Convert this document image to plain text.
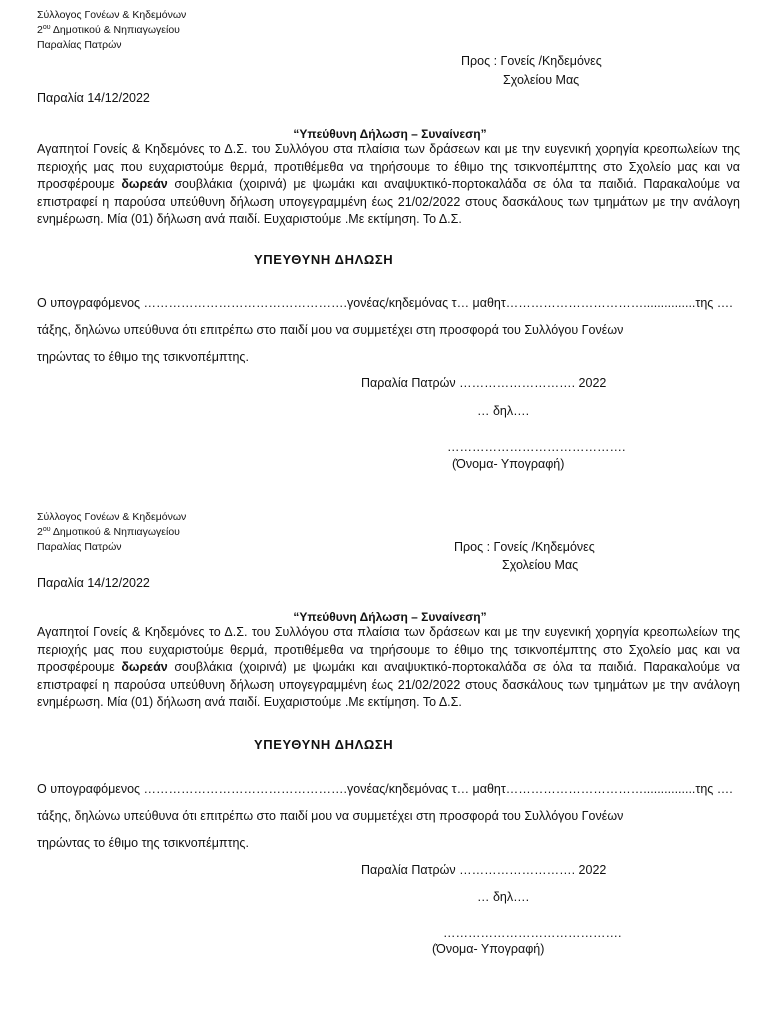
Σύλλογος Γονέων & Κηδεμόνων
$2^{o\upsilon}$ Δημοτικού & Νηπιαγωγείου
Παραλίας Πατρών
Προς : Γονείς /Κηδεμόνες
Σχολείου Μας
Παραλία 14/12/2022
“Υπεύθυνη Δήλωση – Συναίνεση”
Αγαπητοί Γονείς & Κηδεμόνες το Δ.Σ. του Συλλόγου στα πλαίσια των δράσεων και με την ευγενική χορηγία κρεοπωλείων της περιοχής μας που ευχαριστούμε θερμά, προτιθέμεθα να τηρήσουμε το έθιμο της τσικνοπέμπτης στο Σχολείο μας και να προσφέρουμε δωρεάν σουβλάκια (χοιρινά) με ψωμάκι και αναψυκτικό-πορτοκαλάδα σε όλα τα παιδιά. Παρακαλούμε να επιστραφεί η παρούσα υπεύθυνη δήλωση υπογεγραμμένη έως 21/02/2022 στους δασκάλους των τμημάτων με την ανάλογη ενημέρωση. Μία (01) δήλωση ανά παιδί. Ευχαριστούμε .Με εκτίμηση. Το Δ.Σ.
ΥΠΕΥΘΥΝΗ ΔΗΛΩΣΗ
Ο υπογραφόμενος ………………………………………….γονέας/κηδεμόνας τ… μαθητ……………………………...............της ….
τάξης, δηλώνω υπεύθυνα ότι επιτρέπω στο παιδί μου να συμμετέχει στη προσφορά του Συλλόγου Γονέων
τηρώντας το έθιμο της τσικνοπέμπτης.
Παραλία Πατρών ………………………. 2022
… δηλ….
…………………………………….
(Όνομα- Υπογραφή)
Σύλλογος Γονέων & Κηδεμόνων
$2^{o\upsilon}$ Δημοτικού & Νηπιαγωγείου
Παραλίας Πατρών	Προς : Γονείς /Κηδεμόνες
Σχολείου Μας
Παραλία 14/12/2022
“Υπεύθυνη Δήλωση – Συναίνεση”
Αγαπητοί Γονείς & Κηδεμόνες το Δ.Σ. του Συλλόγου στα πλαίσια των δράσεων και με την ευγενική χορηγία κρεοπωλείων της περιοχής μας που ευχαριστούμε θερμά, προτιθέμεθα να τηρήσουμε το έθιμο της τσικνοπέμπτης στο Σχολείο μας και να προσφέρουμε δωρεάν σουβλάκια (χοιρινά) με ψωμάκι και αναψυκτικό-πορτοκαλάδα σε όλα τα παιδιά. Παρακαλούμε να επιστραφεί η παρούσα υπεύθυνη δήλωση υπογεγραμμένη έως 21/02/2022 στους δασκάλους των τμημάτων με την ανάλογη ενημέρωση. Μία (01) δήλωση ανά παιδί. Ευχαριστούμε .Με εκτίμηση. Το Δ.Σ.
ΥΠΕΥΘΥΝΗ ΔΗΛΩΣΗ
Ο υπογραφόμενος ………………………………………….γονέας/κηδεμόνας τ… μαθητ……………………………...............της ….
τάξης, δηλώνω υπεύθυνα ότι επιτρέπω στο παιδί μου να συμμετέχει στη προσφορά του Συλλόγου Γονέων
τηρώντας το έθιμο της τσικνοπέμπτης.
Παραλία Πατρών ………………………. 2022
… δηλ….
…………………………………….
(Όνομα- Υπογραφή)
